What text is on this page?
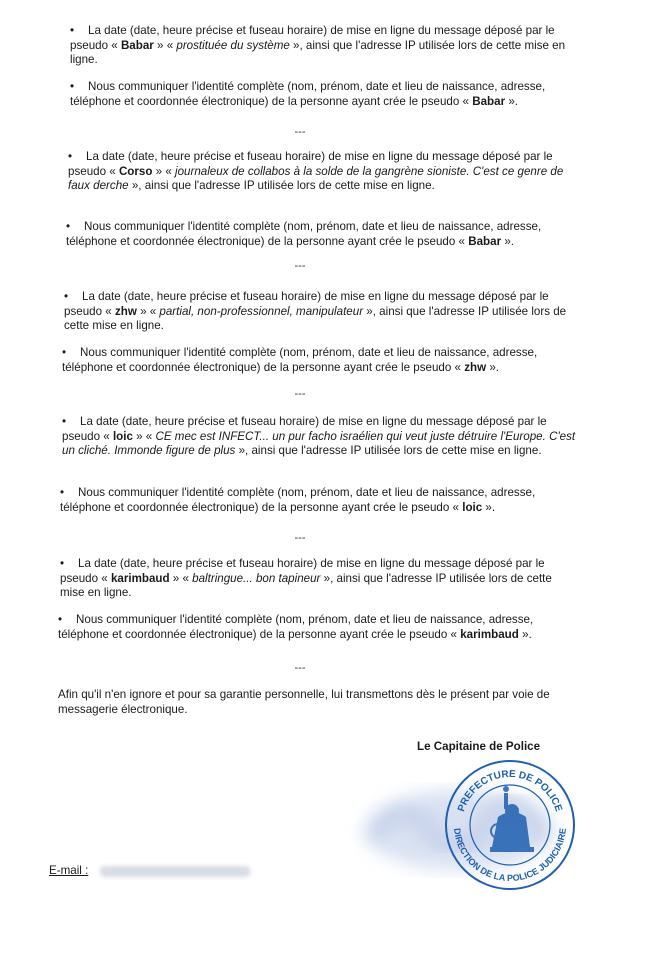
• La date (date, heure précise et fuseau horaire) de mise en ligne du message déposé par le pseudo « Babar » « prostituée du système », ainsi que l'adresse IP utilisée lors de cette mise en ligne.

• Nous communiquer l'identité complète (nom, prénom, date et lieu de naissance, adresse, téléphone et coordonnée électronique) de la personne ayant crée le pseudo « Babar ».

---

• La date (date, heure précise et fuseau horaire) de mise en ligne du message déposé par le pseudo « Corso » « journaleux de collabos à la solde de la gangrène sioniste. C'est ce genre de faux derche », ainsi que l'adresse IP utilisée lors de cette mise en ligne.

• Nous communiquer l'identité complète (nom, prénom, date et lieu de naissance, adresse, téléphone et coordonnée électronique) de la personne ayant crée le pseudo « Babar ».

---

• La date (date, heure précise et fuseau horaire) de mise en ligne du message déposé par le pseudo « zhw » « partial, non-professionnel, manipulateur », ainsi que l'adresse IP utilisée lors de cette mise en ligne.

• Nous communiquer l'identité complète (nom, prénom, date et lieu de naissance, adresse, téléphone et coordonnée électronique) de la personne ayant crée le pseudo « zhw ».

---

• La date (date, heure précise et fuseau horaire) de mise en ligne du message déposé par le pseudo « loic » « CE mec est INFECT... un pur facho israélien qui veut juste détruire l'Europe. C'est un cliché. Immonde figure de plus », ainsi que l'adresse IP utilisée lors de cette mise en ligne.

• Nous communiquer l'identité complète (nom, prénom, date et lieu de naissance, adresse, téléphone et coordonnée électronique) de la personne ayant crée le pseudo « loic ».

---

• La date (date, heure précise et fuseau horaire) de mise en ligne du message déposé par le pseudo « karimbaud » « baltringue... bon tapineur », ainsi que l'adresse IP utilisée lors de cette mise en ligne.

• Nous communiquer l'identité complète (nom, prénom, date et lieu de naissance, adresse, téléphone et coordonnée électronique) de la personne ayant crée le pseudo « karimbaud ».

---

Afin qu'il n'en ignore et pour sa garantie personnelle, lui transmettons dès le présent par voie de messagerie électronique.

Le Capitaine de Police
PREFECTURE DE POLICE
DIRECTION DE LA POLICE JUDICIAIRE
E-mail :
